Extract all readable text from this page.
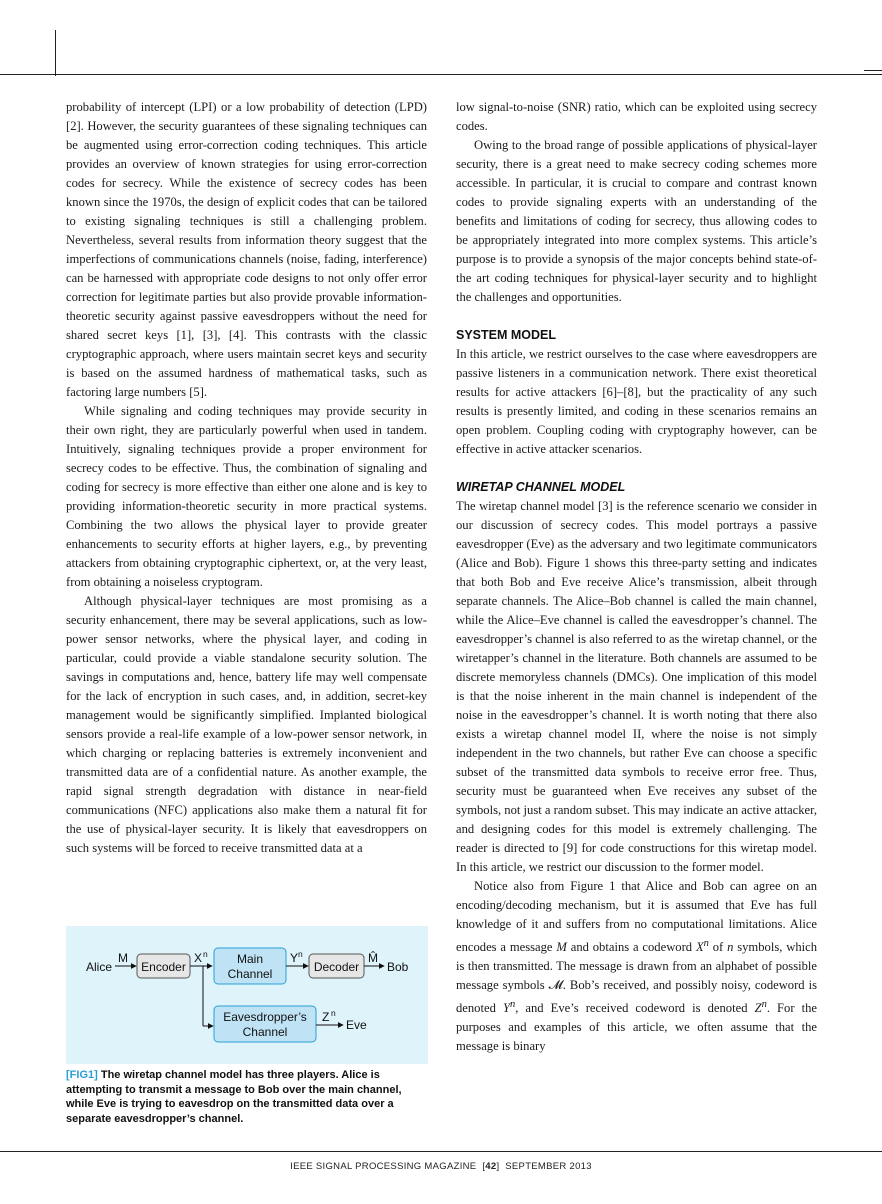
probability of intercept (LPI) or a low probability of detection (LPD) [2]. However, the security guarantees of these signaling techniques can be augmented using error-correction coding techniques. This article provides an overview of known strategies for using error-correction codes for secrecy. While the existence of secrecy codes has been known since the 1970s, the design of explicit codes that can be tailored to existing signaling techniques is still a challenging problem. Nevertheless, several results from information theory suggest that the imperfections of communications channels (noise, fading, interference) can be harnessed with appropriate code designs to not only offer error correction for legitimate parties but also provide provable information-theoretic security against passive eavesdroppers without the need for shared secret keys [1], [3], [4]. This contrasts with the classic cryptographic approach, where users maintain secret keys and security is based on the assumed hardness of mathematical tasks, such as factoring large numbers [5].

While signaling and coding techniques may provide security in their own right, they are particularly powerful when used in tandem. Intuitively, signaling techniques provide a proper environment for secrecy codes to be effective. Thus, the combination of signaling and coding for secrecy is more effective than either one alone and is key to providing information-theoretic security in more practical systems. Combining the two allows the physical layer to provide greater enhancements to security efforts at higher layers, e.g., by preventing attackers from obtaining cryptographic ciphertext, or, at the very least, from obtaining a noiseless cryptogram.

Although physical-layer techniques are most promising as a security enhancement, there may be several applications, such as low-power sensor networks, where the physical layer, and coding in particular, could provide a viable standalone security solution. The savings in computations and, hence, battery life may well compensate for the lack of encryption in such cases, and, in addition, secret-key management would be significantly simplified. Implanted biological sensors provide a real-life example of a low-power sensor network, in which charging or replacing batteries is extremely inconvenient and transmitted data are of a confidential nature. As another example, the rapid signal strength degradation with distance in near-field communications (NFC) applications also make them a natural fit for the use of physical-layer security. It is likely that eavesdroppers on such systems will be forced to receive transmitted data at a

Alice
M
Encoder
X n Main
Channel
Y n
Decoder
M̂
Bob
Eavesdropper’s
Channel
Z n
Eve
[FIG1] The wiretap channel model has three players. Alice is attempting to transmit a message to Bob over the main channel, while Eve is trying to eavesdrop on the transmitted data over a separate eavesdropper’s channel.

low signal-to-noise (SNR) ratio, which can be exploited using secrecy codes.

Owing to the broad range of possible applications of physical-layer security, there is a great need to make secrecy coding schemes more accessible. In particular, it is crucial to compare and contrast known codes to provide signaling experts with an understanding of the benefits and limitations of coding for secrecy, thus allowing codes to be appropriately integrated into more complex systems. This article’s purpose is to provide a synopsis of the major concepts behind state-of-the art coding techniques for physical-layer security and to highlight the challenges and opportunities.

SYSTEM MODEL

In this article, we restrict ourselves to the case where eavesdroppers are passive listeners in a communication network. There exist theoretical results for active attackers [6]–[8], but the practicality of any such results is presently limited, and coding in these scenarios remains an open problem. Coupling coding with cryptography however, can be effective in active attacker scenarios.

WIRETAP CHANNEL MODEL

The wiretap channel model [3] is the reference scenario we consider in our discussion of secrecy codes. This model portrays a passive eavesdropper (Eve) as the adversary and two legitimate communicators (Alice and Bob). Figure 1 shows this three-party setting and indicates that both Bob and Eve receive Alice’s transmission, albeit through separate channels. The Alice–Bob channel is called the main channel, while the Alice–Eve channel is called the eavesdropper’s channel. The eavesdropper’s channel is also referred to as the wiretap channel, or the wiretapper’s channel in the literature. Both channels are assumed to be discrete memoryless channels (DMCs). One implication of this model is that the noise inherent in the main channel is independent of the noise in the eavesdropper’s channel. It is worth noting that there also exists a wiretap channel model II, where the noise is not simply independent in the two channels, but rather Eve can choose a specific subset of the transmitted data symbols to receive error free. Thus, security must be guaranteed when Eve receives any subset of the symbols, not just a random subset. This may indicate an active attacker, and designing codes for this model is extremely challenging. The reader is directed to [9] for code constructions for this wiretap model. In this article, we restrict our discussion to the former model.

Notice also from Figure 1 that Alice and Bob can agree on an encoding/decoding mechanism, but it is assumed that Eve has full knowledge of it and suffers from no computational limitations. Alice encodes a message M and obtains a codeword $X^n$ of n symbols, which is then transmitted. The message is drawn from an alphabet of possible message symbols 𝓜. Bob’s received, and possibly noisy, codeword is denoted $Y^n$, and Eve’s received codeword is denoted $Z^n$. For the purposes and examples of this article, we often assume that the message is binary

IEEE SIGNAL PROCESSING MAGAZINE  [42]  SEPTEMBER 2013
